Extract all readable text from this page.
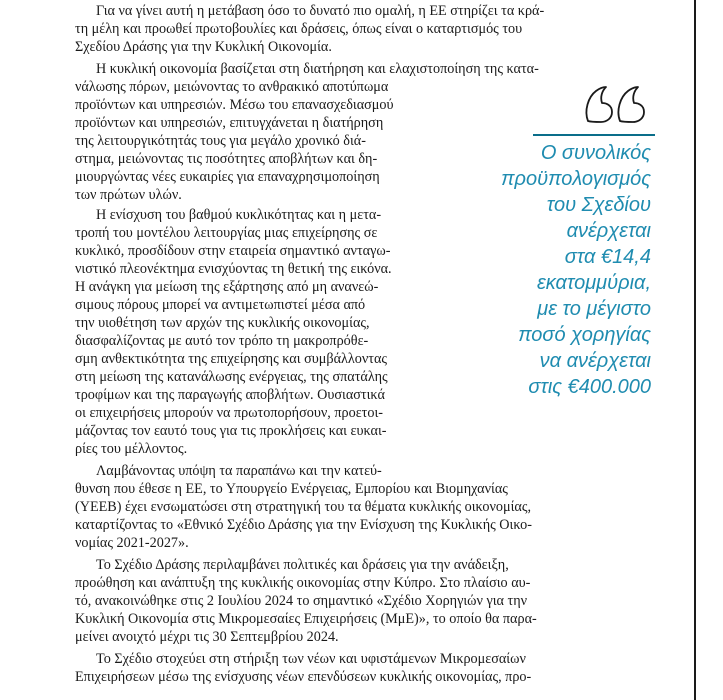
Για να γίνει αυτή η μετάβαση όσο το δυνατό πιο ομαλή, η ΕΕ στηρίζει τα κρά-

τη μέλη και προωθεί πρωτοβουλίες και δράσεις, όπως είναι ο καταρτισμός του

Σχεδίου Δράσης για την Κυκλική Οικονομία.

Η κυκλική οικονομία βασίζεται στη διατήρηση και ελαχιστοποίηση της κατα-

νάλωσης πόρων, μειώνοντας το ανθρακικό αποτύπωμα

προϊόντων και υπηρεσιών. Μέσω του επανασχεδιασμού

προϊόντων και υπηρεσιών, επιτυγχάνεται η διατήρηση

της λειτουργικότητάς τους για μεγάλο χρονικό διά-

στημα, μειώνοντας τις ποσότητες αποβλήτων και δη-

μιουργώντας νέες ευκαιρίες για επαναχρησιμοποίηση

των πρώτων υλών.

Η ενίσχυση του βαθμού κυκλικότητας και η μετα-

τροπή του μοντέλου λειτουργίας μιας επιχείρησης σε

κυκλικό, προσδίδουν στην εταιρεία σημαντικό ανταγω-

νιστικό πλεονέκτημα ενισχύοντας τη θετική της εικόνα.

Η ανάγκη για μείωση της εξάρτησης από μη ανανεώ-

σιμους πόρους μπορεί να αντιμετωπιστεί μέσα από

την υιοθέτηση των αρχών της κυκλικής οικονομίας,

διασφαλίζοντας με αυτό τον τρόπο τη μακροπρόθε-

σμη ανθεκτικότητα της επιχείρησης και συμβάλλοντας

στη μείωση της κατανάλωσης ενέργειας, της σπατάλης

τροφίμων και της παραγωγής αποβλήτων. Ουσιαστικά

οι επιχειρήσεις μπορούν να πρωτοπορήσουν, προετοι-

μάζοντας τον εαυτό τους για τις προκλήσεις και ευκαι-

ρίες του μέλλοντος.

Λαμβάνοντας υπόψη τα παραπάνω και την κατεύ-

θυνση που έθεσε η ΕΕ, το Υπουργείο Ενέργειας, Εμπορίου και Βιομηχανίας

(ΥΕΕΒ) έχει ενσωματώσει στη στρατηγική του τα θέματα κυκλικής οικονομίας,

καταρτίζοντας το «Εθνικό Σχέδιο Δράσης για την Ενίσχυση της Κυκλικής Οικο-

νομίας 2021-2027».

Το Σχέδιο Δράσης περιλαμβάνει πολιτικές και δράσεις για την ανάδειξη,

προώθηση και ανάπτυξη της κυκλικής οικονομίας στην Κύπρο. Στο πλαίσιο αυ-

τό, ανακοινώθηκε στις 2 Ιουλίου 2024 το σημαντικό «Σχέδιο Χορηγιών για την

Κυκλική Οικονομία στις Μικρομεσαίες Επιχειρήσεις (ΜμΕ)», το οποίο θα παρα-

μείνει ανοιχτό μέχρι τις 30 Σεπτεμβρίου 2024.

Το Σχέδιο στοχεύει στη στήριξη των νέων και υφιστάμενων Μικρομεσαίων

Επιχειρήσεων μέσω της ενίσχυσης νέων επενδύσεων κυκλικής οικονομίας, προ-

Ο συνολικός

προϋπολογισμός

του Σχεδίου

ανέρχεται

στα €14,4

εκατομμύρια,

με το μέγιστο

ποσό χορηγίας

να ανέρχεται

στις €400.000
